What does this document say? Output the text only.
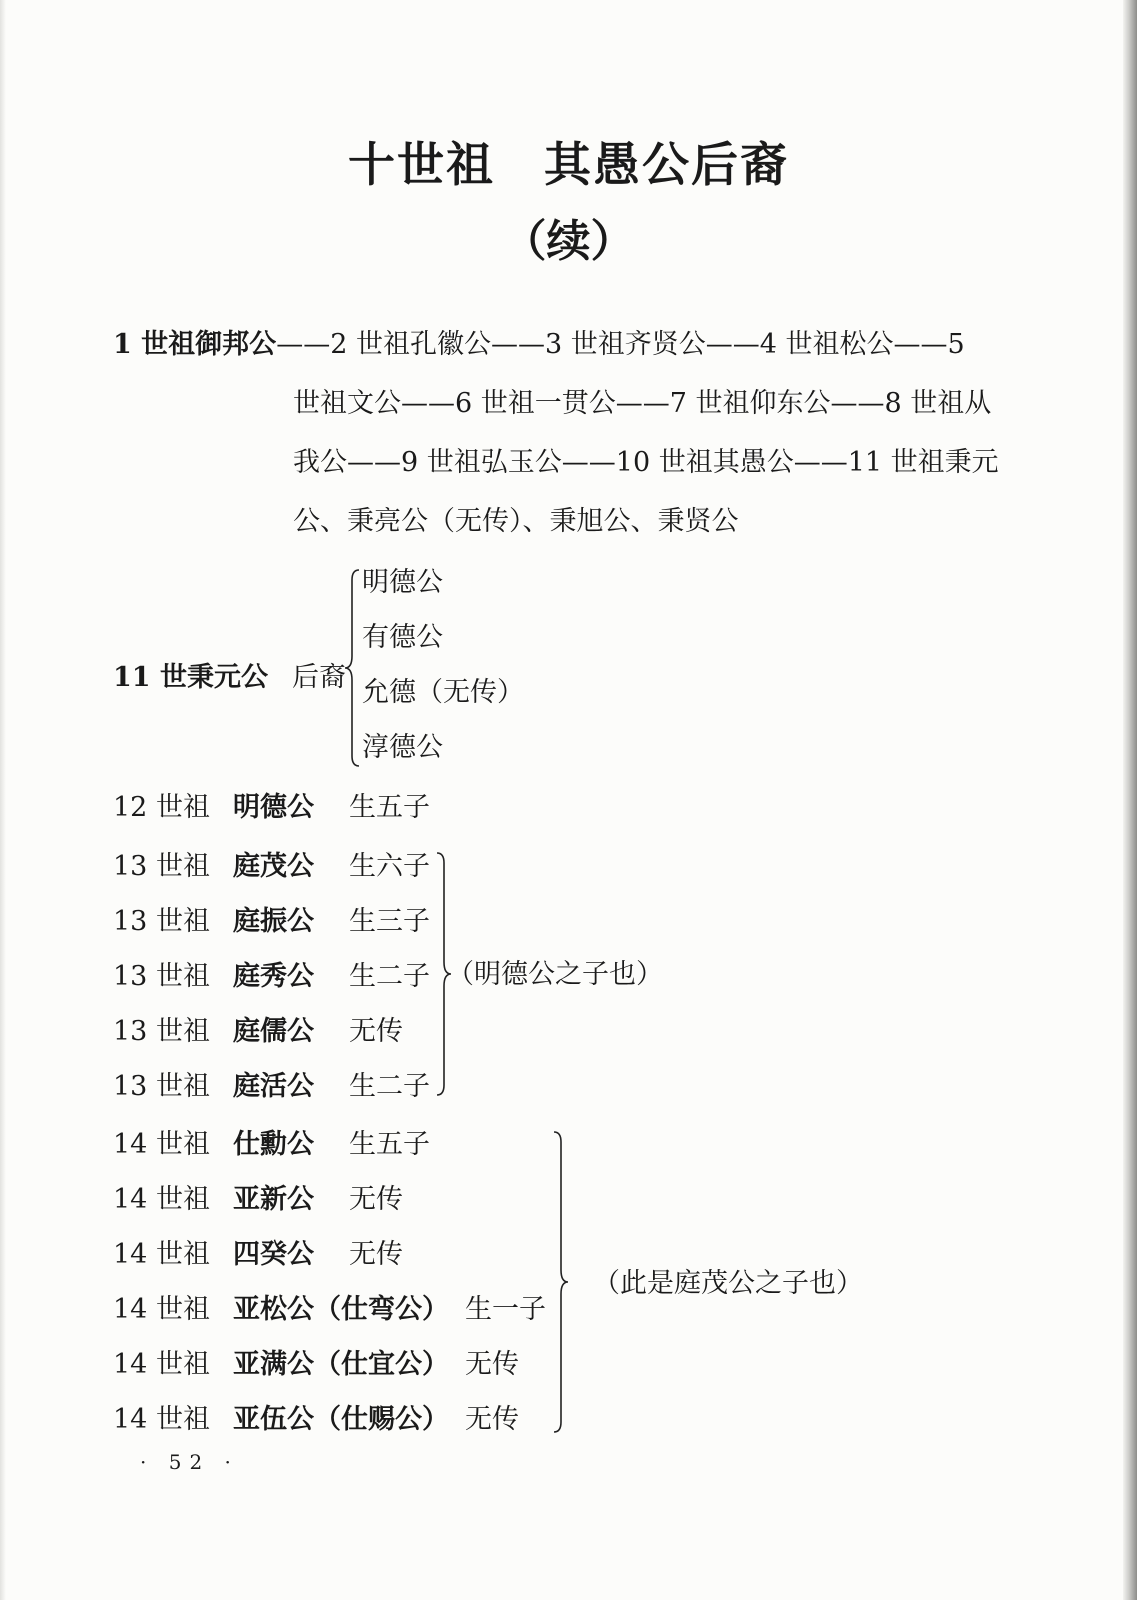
十世祖　其愚公后裔
（续）
1 世祖御邦公——2 世祖孔徽公——3 世祖齐贤公——4 世祖松公——5
世祖文公——6 世祖一贯公——7 世祖仰东公——8 世祖从
我公——9 世祖弘玉公——10 世祖其愚公——11 世祖秉元
公、秉亮公（无传）、秉旭公、秉贤公
11 世秉元公 后裔
明德公
有德公
允德（无传）
淳德公
12 世祖 明德公 生五子
13 世祖 庭茂公 生六子
13 世祖 庭振公 生三子
13 世祖 庭秀公 生二子
13 世祖 庭儒公 无传
13 世祖 庭活公 生二子
（明德公之子也）
14 世祖 仕勳公 生五子
14 世祖 亚新公 无传
14 世祖 四癸公 无传
14 世祖 亚松公（仕弯公） 生一子
14 世祖 亚满公（仕宜公） 无传
14 世祖 亚伍公（仕赐公） 无传
（此是庭茂公之子也）
· 52 ·
